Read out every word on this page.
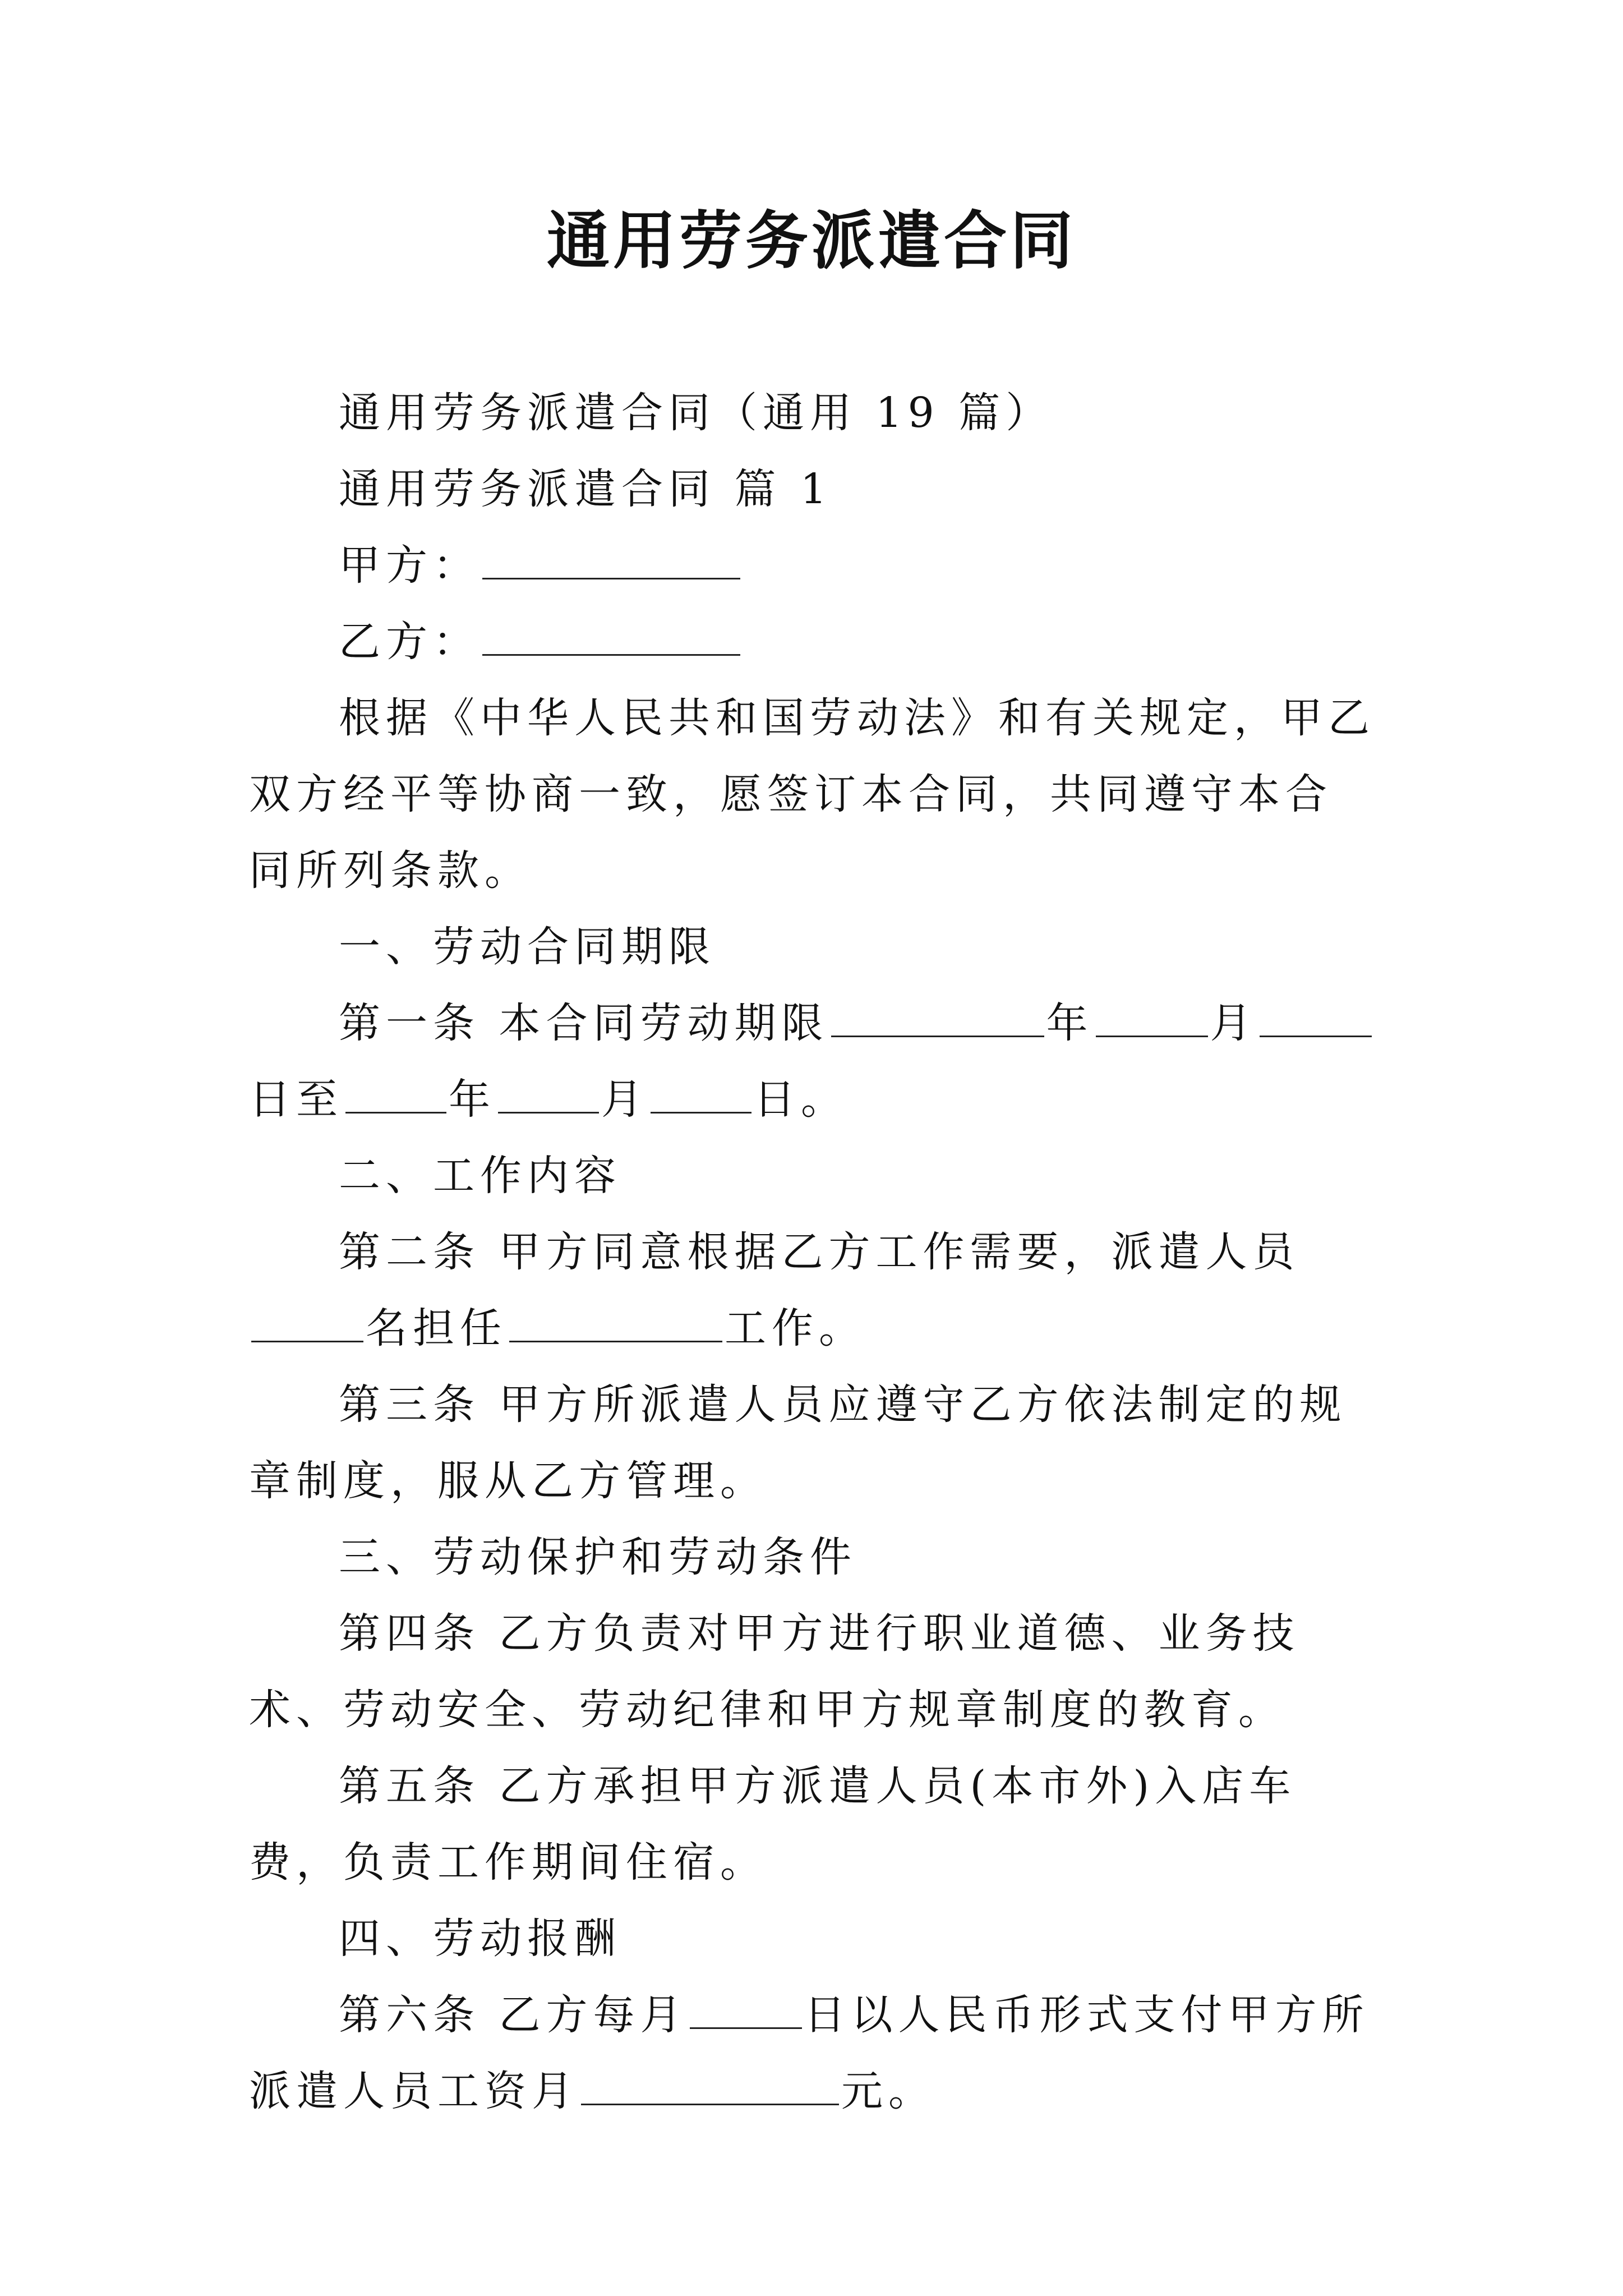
通用劳务派遣合同

通用劳务派遣合同（通用 19 篇）

通用劳务派遣合同 篇 1

甲方：

乙方：

根据《中华人民共和国劳动法》和有关规定，甲乙双方经平等协商一致，愿签订本合同，共同遵守本合同所列条款。

一、劳动合同期限

第一条 本合同劳动期限	年	月日至	年	月	日。

二、工作内容

第二条 甲方同意根据乙方工作需要，派遣人员名担任	工作。

第三条 甲方所派遣人员应遵守乙方依法制定的规章制度，服从乙方管理。

三、劳动保护和劳动条件

第四条 乙方负责对甲方进行职业道德、业务技术、劳动安全、劳动纪律和甲方规章制度的教育。

第五条 乙方承担甲方派遣人员(本市外)入店车费，负责工作期间住宿。

四、劳动报酬

第六条 乙方每月	日以人民币形式支付甲方所派遣人员工资月	元。
